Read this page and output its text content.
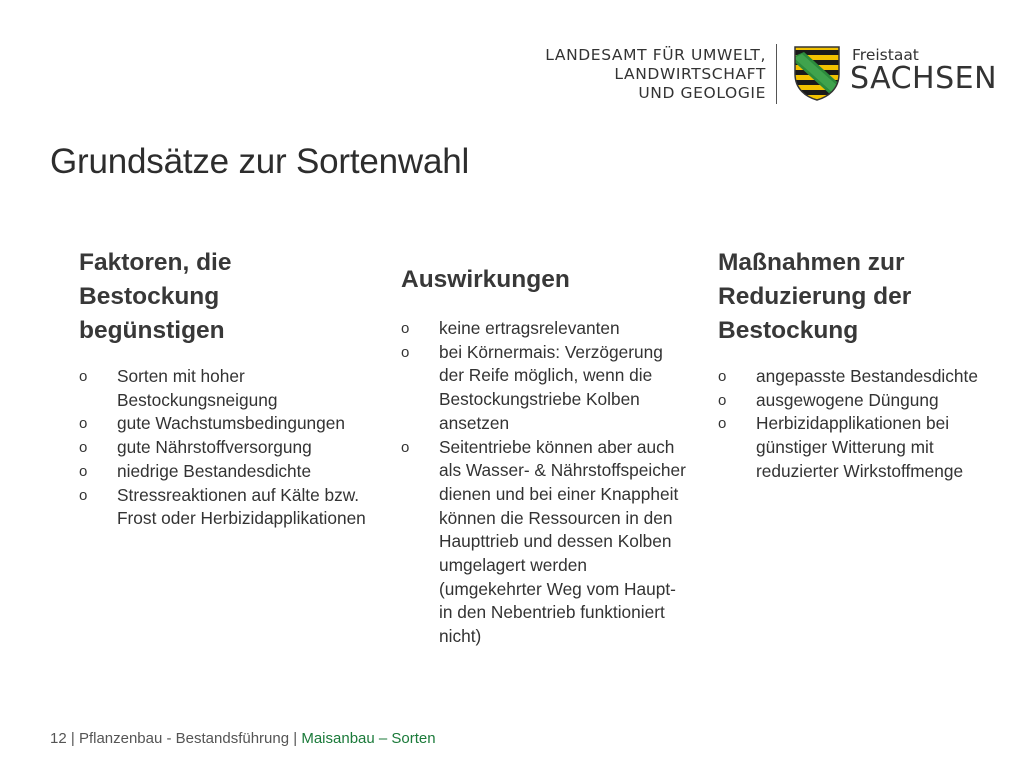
LANDESAMT FÜR UMWELT,
LANDWIRTSCHAFT
UND GEOLOGIE
Freistaat
SACHSEN
Grundsätze zur Sortenwahl
Faktoren, die
Bestockung
begünstigen
o Sorten mit hoher Bestockungsneigung
o gute Wachstumsbedingungen
o gute Nährstoffversorgung
o niedrige Bestandesdichte
o Stressreaktionen auf Kälte bzw. Frost oder Herbizidapplikationen
Auswirkungen
o keine ertragsrelevanten
o bei Körnermais: Verzögerung der Reife möglich, wenn die Bestockungstriebe Kolben ansetzen
o Seitentriebe können aber auch als Wasser- & Nährstoffspeicher dienen und bei einer Knappheit können die Ressourcen in den Haupttrieb und dessen Kolben umgelagert werden (umgekehrter Weg vom Haupt- in den Nebentrieb funktioniert nicht)
Maßnahmen zur
Reduzierung der
Bestockung
o angepasste Bestandesdichte
o ausgewogene Düngung
o Herbizidapplikationen bei günstiger Witterung mit reduzierter Wirkstoffmenge
12 | Pflanzenbau - Bestandsführung | Maisanbau – Sorten
